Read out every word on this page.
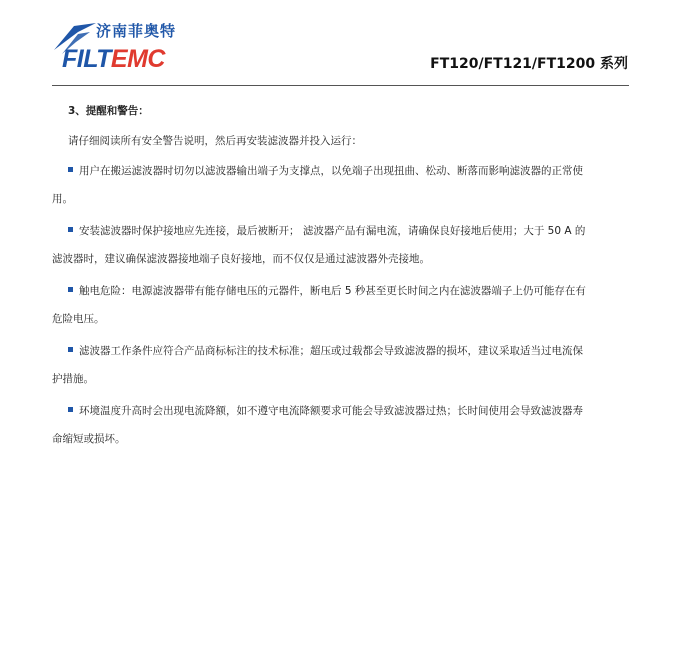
济南菲奥特
FILTEMC	FT120/FT121/FT1200 系列
3、提醒和警告：
请仔细阅读所有安全警告说明，然后再安装滤波器并投入运行：
用户在搬运滤波器时切勿以滤波器输出端子为支撑点，以免端子出现扭曲、松动、断落而影响滤波器的正常使
用。
安装滤波器时保护接地应先连接，最后被断开； 滤波器产品有漏电流，请确保良好接地后使用；大于 50 A 的
滤波器时，建议确保滤波器接地端子良好接地，而不仅仅是通过滤波器外壳接地。
触电危险：电源滤波器带有能存储电压的元器件，断电后 5 秒甚至更长时间之内在滤波器端子上仍可能存在有
危险电压。
滤波器工作条件应符合产品商标标注的技术标准；超压或过载都会导致滤波器的损坏，建议采取适当过电流保
护措施。
环境温度升高时会出现电流降额，如不遵守电流降额要求可能会导致滤波器过热；长时间使用会导致滤波器寿
命缩短或损坏。
